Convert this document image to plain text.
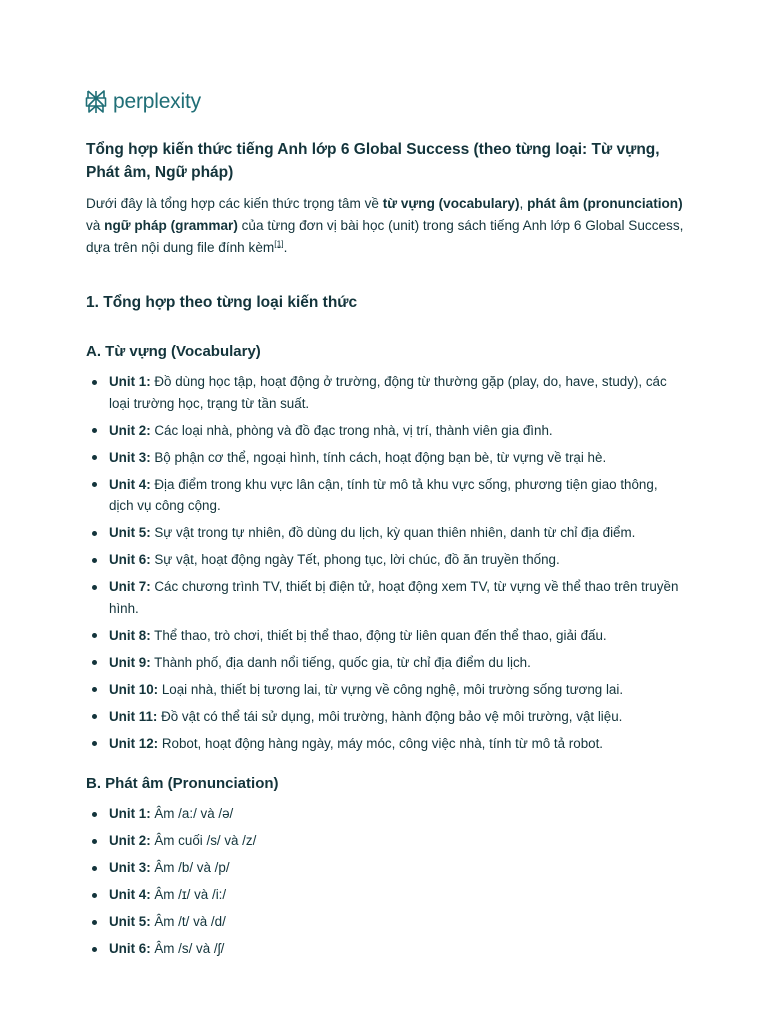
perplexity
Tổng hợp kiến thức tiếng Anh lớp 6 Global Success (theo từng loại: Từ vựng, Phát âm, Ngữ pháp)

Dưới đây là tổng hợp các kiến thức trọng tâm về từ vựng (vocabulary), phát âm (pronunciation) và ngữ pháp (grammar) của từng đơn vị bài học (unit) trong sách tiếng Anh lớp 6 Global Success, dựa trên nội dung file đính kèm[1].

1. Tổng hợp theo từng loại kiến thức
A. Từ vựng (Vocabulary)
Unit 1: Đồ dùng học tập, hoạt động ở trường, động từ thường gặp (play, do, have, study), các loại trường học, trạng từ tần suất.
Unit 2: Các loại nhà, phòng và đồ đạc trong nhà, vị trí, thành viên gia đình.
Unit 3: Bộ phận cơ thể, ngoại hình, tính cách, hoạt động bạn bè, từ vựng về trại hè.
Unit 4: Địa điểm trong khu vực lân cận, tính từ mô tả khu vực sống, phương tiện giao thông, dịch vụ công cộng.
Unit 5: Sự vật trong tự nhiên, đồ dùng du lịch, kỳ quan thiên nhiên, danh từ chỉ địa điểm.
Unit 6: Sự vật, hoạt động ngày Tết, phong tục, lời chúc, đồ ăn truyền thống.
Unit 7: Các chương trình TV, thiết bị điện tử, hoạt động xem TV, từ vựng về thể thao trên truyền hình.
Unit 8: Thể thao, trò chơi, thiết bị thể thao, động từ liên quan đến thể thao, giải đấu.
Unit 9: Thành phố, địa danh nổi tiếng, quốc gia, từ chỉ địa điểm du lịch.
Unit 10: Loại nhà, thiết bị tương lai, từ vựng về công nghệ, môi trường sống tương lai.
Unit 11: Đồ vật có thể tái sử dụng, môi trường, hành động bảo vệ môi trường, vật liệu.
Unit 12: Robot, hoạt động hàng ngày, máy móc, công việc nhà, tính từ mô tả robot.
B. Phát âm (Pronunciation)
Unit 1: Âm /a:/ và /ə/
Unit 2: Âm cuối /s/ và /z/
Unit 3: Âm /b/ và /p/
Unit 4: Âm /ɪ/ và /i:/
Unit 5: Âm /t/ và /d/
Unit 6: Âm /s/ và /ʃ/
